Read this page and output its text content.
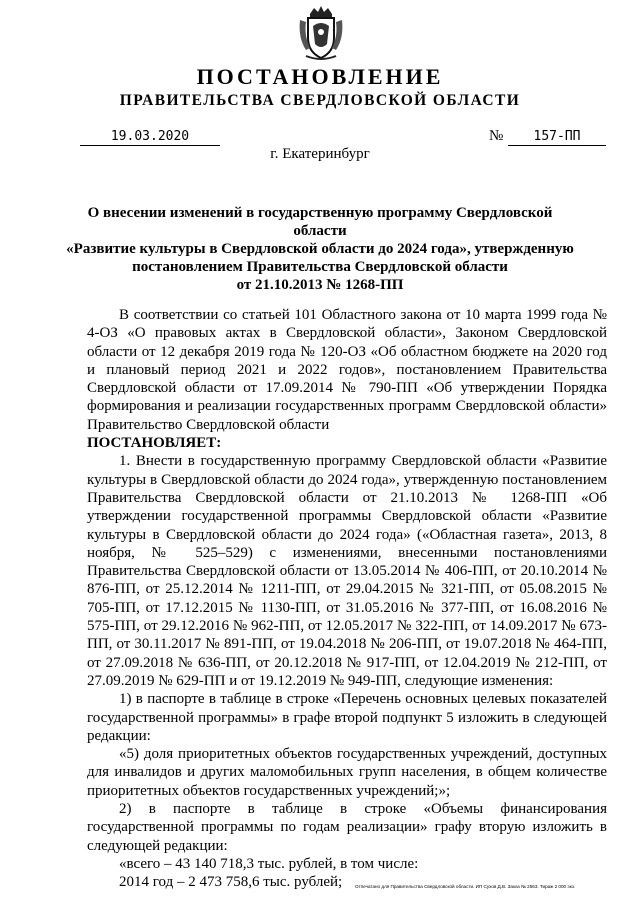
ПОСТАНОВЛЕНИЕ
ПРАВИТЕЛЬСТВА СВЕРДЛОВСКОЙ ОБЛАСТИ
19.03.2020	№	157-ПП
г. Екатеринбург
О внесении изменений в государственную программу Свердловской области
«Развитие культуры в Свердловской области до 2024 года», утвержденную
постановлением Правительства Свердловской области
от 21.10.2013 № 1268-ПП

В соответствии со статьей 101 Областного закона от 10 марта 1999 года № 4-ОЗ «О правовых актах в Свердловской области», Законом Свердловской области от 12 декабря 2019 года № 120-ОЗ «Об областном бюджете на 2020 год и плановый период 2021 и 2022 годов», постановлением Правительства Свердловской области от 17.09.2014 № 790-ПП «Об утверждении Порядка формирования и реализации государственных программ Свердловской области» Правительство Свердловской области

ПОСТАНОВЛЯЕТ:

1. Внести в государственную программу Свердловской области «Развитие культуры в Свердловской области до 2024 года», утвержденную постановлением Правительства Свердловской области от 21.10.2013 № 1268-ПП «Об утверждении государственной программы Свердловской области «Развитие культуры в Свердловской области до 2024 года» («Областная газета», 2013, 8 ноября, № 525–529) с изменениями, внесенными постановлениями Правительства Свердловской области от 13.05.2014 № 406-ПП, от 20.10.2014 № 876-ПП, от 25.12.2014 № 1211-ПП, от 29.04.2015 № 321-ПП, от 05.08.2015 № 705-ПП, от 17.12.2015 № 1130-ПП, от 31.05.2016 № 377-ПП, от 16.08.2016 № 575-ПП, от 29.12.2016 № 962-ПП, от 12.05.2017 № 322-ПП, от 14.09.2017 № 673-ПП, от 30.11.2017 № 891-ПП, от 19.04.2018 № 206-ПП, от 19.07.2018 № 464-ПП, от 27.09.2018 № 636-ПП, от 20.12.2018 № 917-ПП, от 12.04.2019 № 212-ПП, от 27.09.2019 № 629-ПП и от 19.12.2019 № 949-ПП, следующие изменения:

1) в паспорте в таблице в строке «Перечень основных целевых показателей государственной программы» в графе второй подпункт 5 изложить в следующей редакции:

«5) доля приоритетных объектов государственных учреждений, доступных для инвалидов и других маломобильных групп населения, в общем количестве приоритетных объектов государственных учреждений;»;

2) в паспорте в таблице в строке «Объемы финансирования государственной программы по годам реализации» графу вторую изложить в следующей редакции:

«всего – 43 140 718,3 тыс. рублей, в том числе:

2014 год – 2 473 758,6 тыс. рублей;	Отпечатано для Правительства Свердловской области. ИП Сухов Д.В. Заказ № 2563. Тираж 2 000 экз.
